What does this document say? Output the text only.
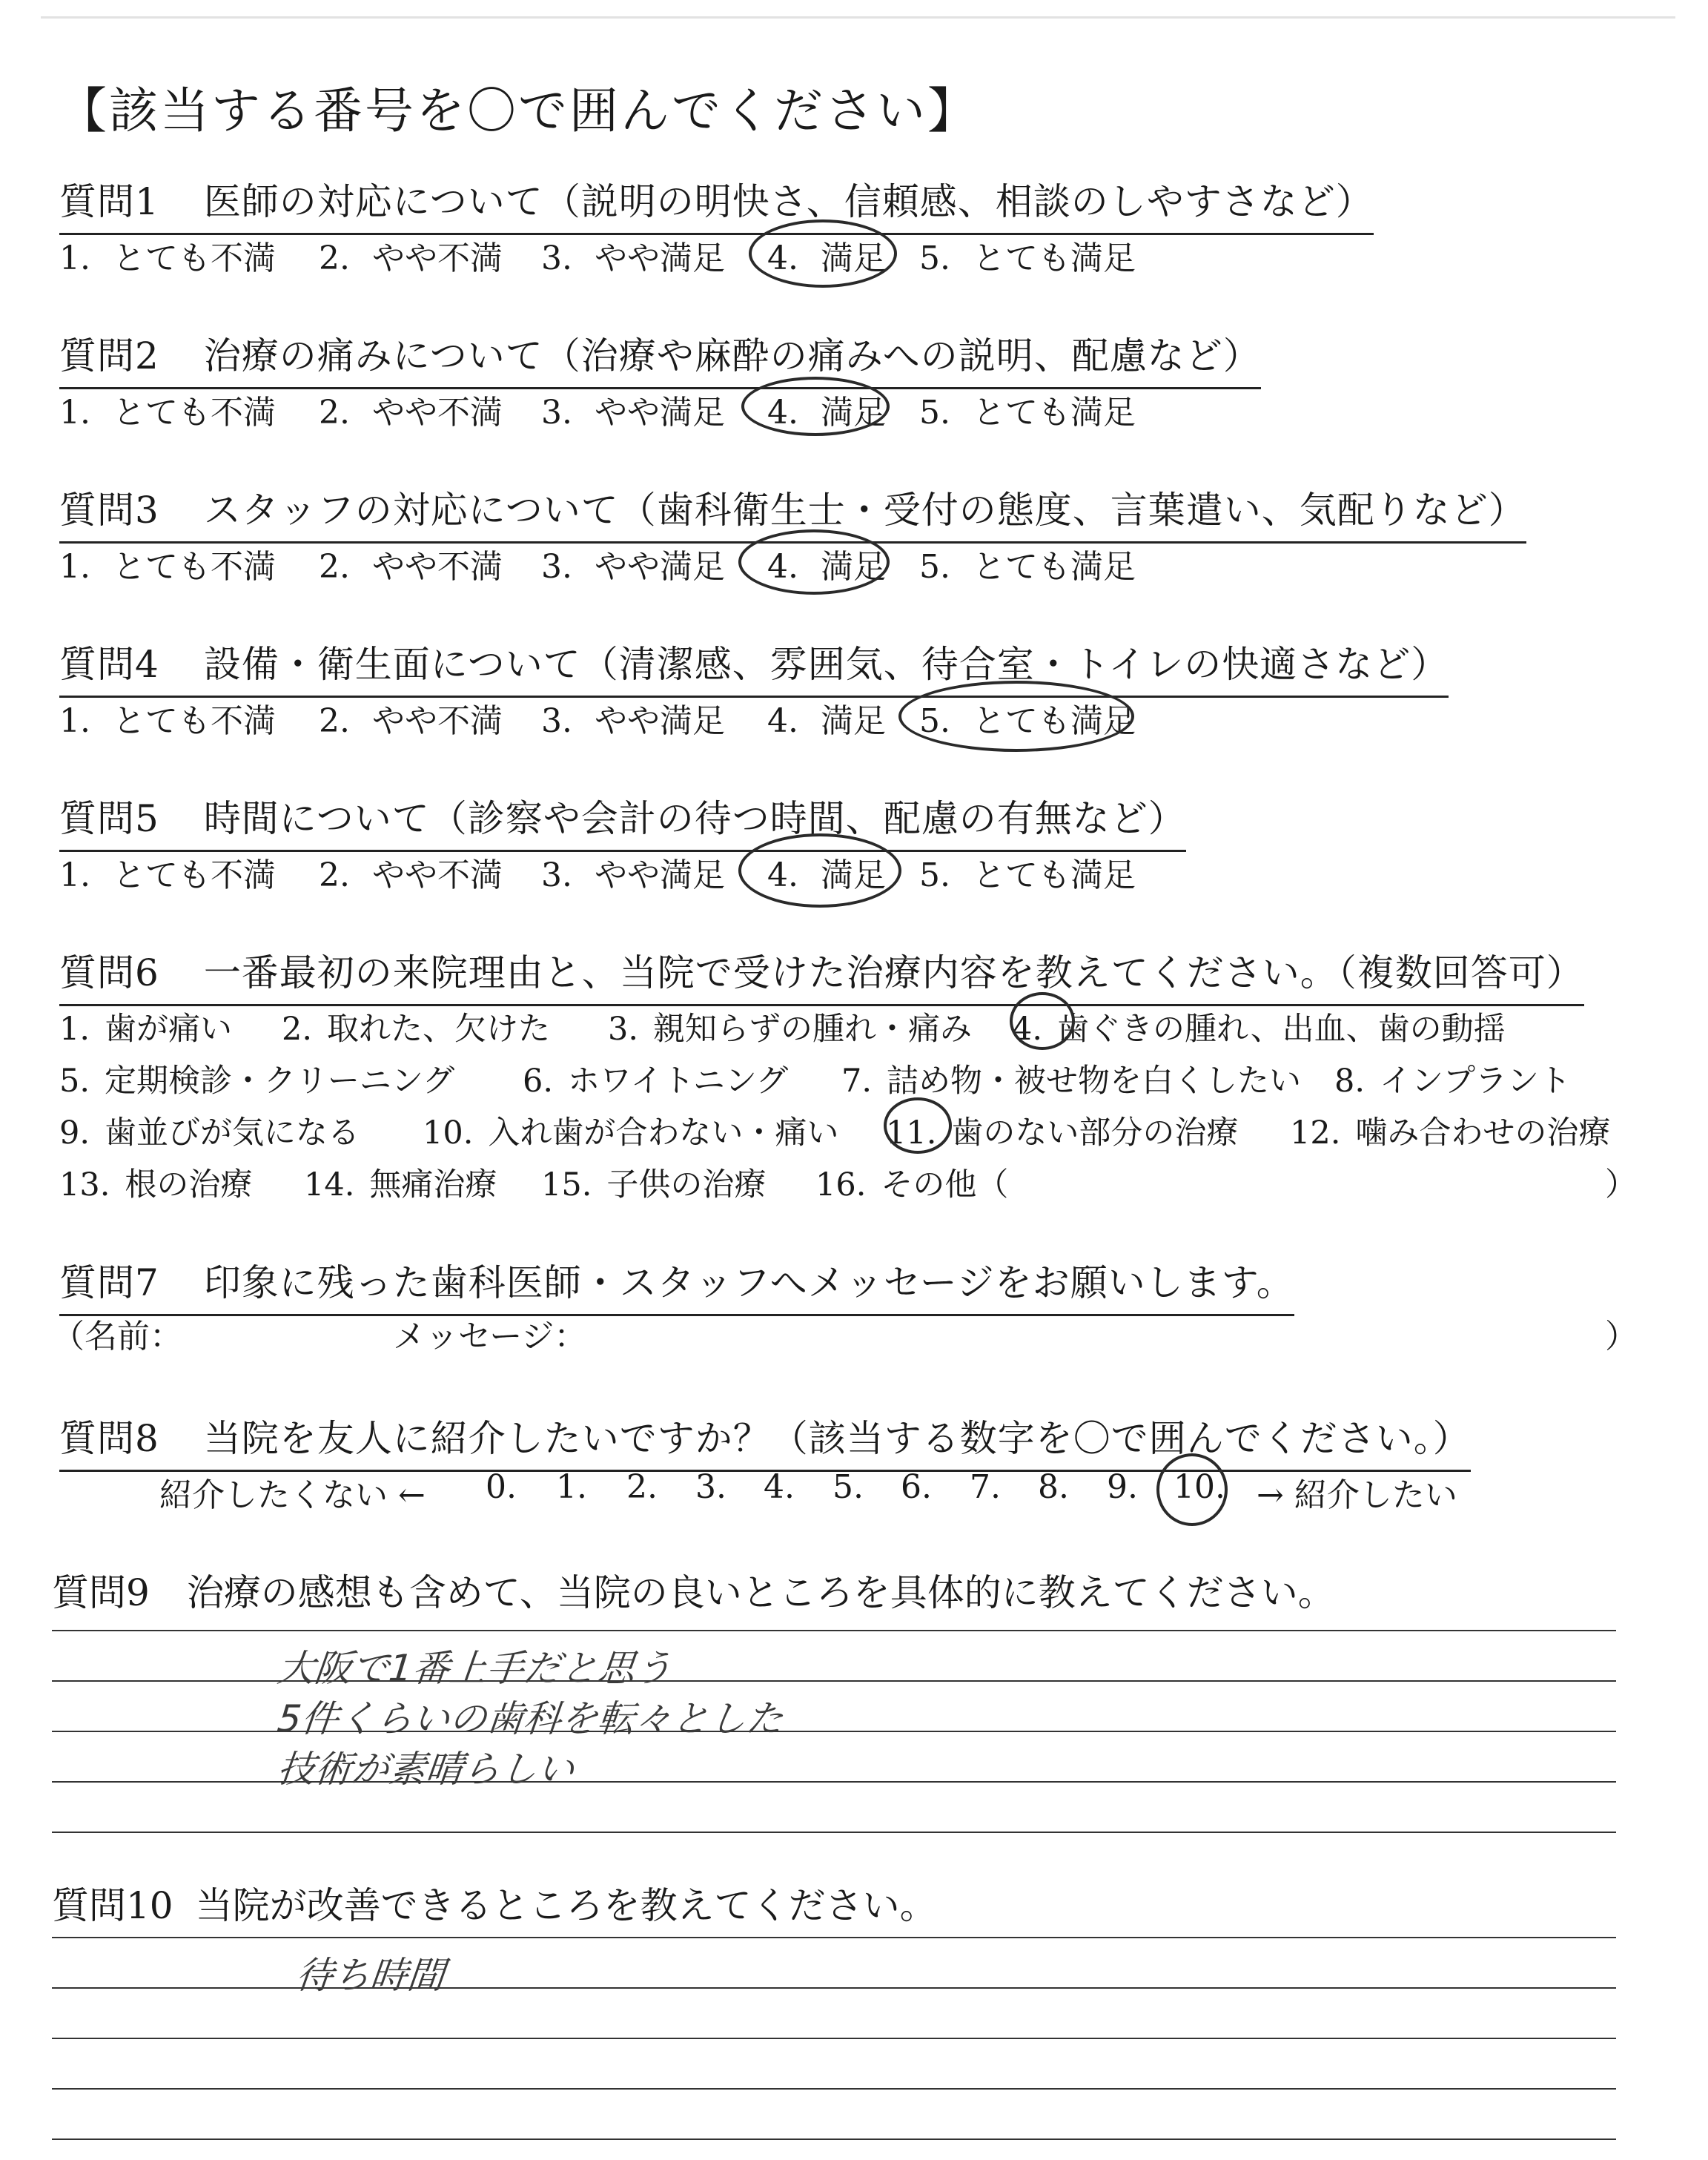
【該当する番号を〇で囲んでください】
質問1 医師の対応について（説明の明快さ、信頼感、相談のしやすさなど）
1. とても不満 2. やや不満 3. やや満足 4. 満足 5. とても満足
質問2 治療の痛みについて（治療や麻酔の痛みへの説明、配慮など）
1. とても不満 2. やや不満 3. やや満足 4. 満足 5. とても満足
質問3 スタッフの対応について（歯科衛生士・受付の態度、言葉遣い、気配りなど）
1. とても不満 2. やや不満 3. やや満足 4. 満足 5. とても満足
質問4 設備・衛生面について（清潔感、雰囲気、待合室・トイレの快適さなど）
1. とても不満 2. やや不満 3. やや満足 4. 満足 5. とても満足
質問5 時間について（診察や会計の待つ時間、配慮の有無など）
1. とても不満 2. やや不満 3. やや満足 4. 満足 5. とても満足
質問6 一番最初の来院理由と、当院で受けた治療内容を教えてください。（複数回答可）
1. 歯が痛い 2. 取れた、欠けた 3. 親知らずの腫れ・痛み 4. 歯ぐきの腫れ、出血、歯の動揺
5. 定期検診・クリーニング 6. ホワイトニング 7. 詰め物・被せ物を白くしたい 8. インプラント
9. 歯並びが気になる 10. 入れ歯が合わない・痛い 11. 歯のない部分の治療 12. 噛み合わせの治療
13. 根の治療 14. 無痛治療 15. 子供の治療 16. その他（	）
質問7 印象に残った歯科医師・スタッフへメッセージをお願いします。
（名前：	メッセージ：	）
質問8 当院を友人に紹介したいですか？（該当する数字を〇で囲んでください。）
紹介したくない ← 0. 1. 2. 3. 4. 5. 6. 7. 8. 9. 10. → 紹介したい
質問9 治療の感想も含めて、当院の良いところを具体的に教えてください。
大阪で1番上手だと思う
5件くらいの歯科を転々とした
技術が素晴らしい
質問10 当院が改善できるところを教えてください。
待ち時間
